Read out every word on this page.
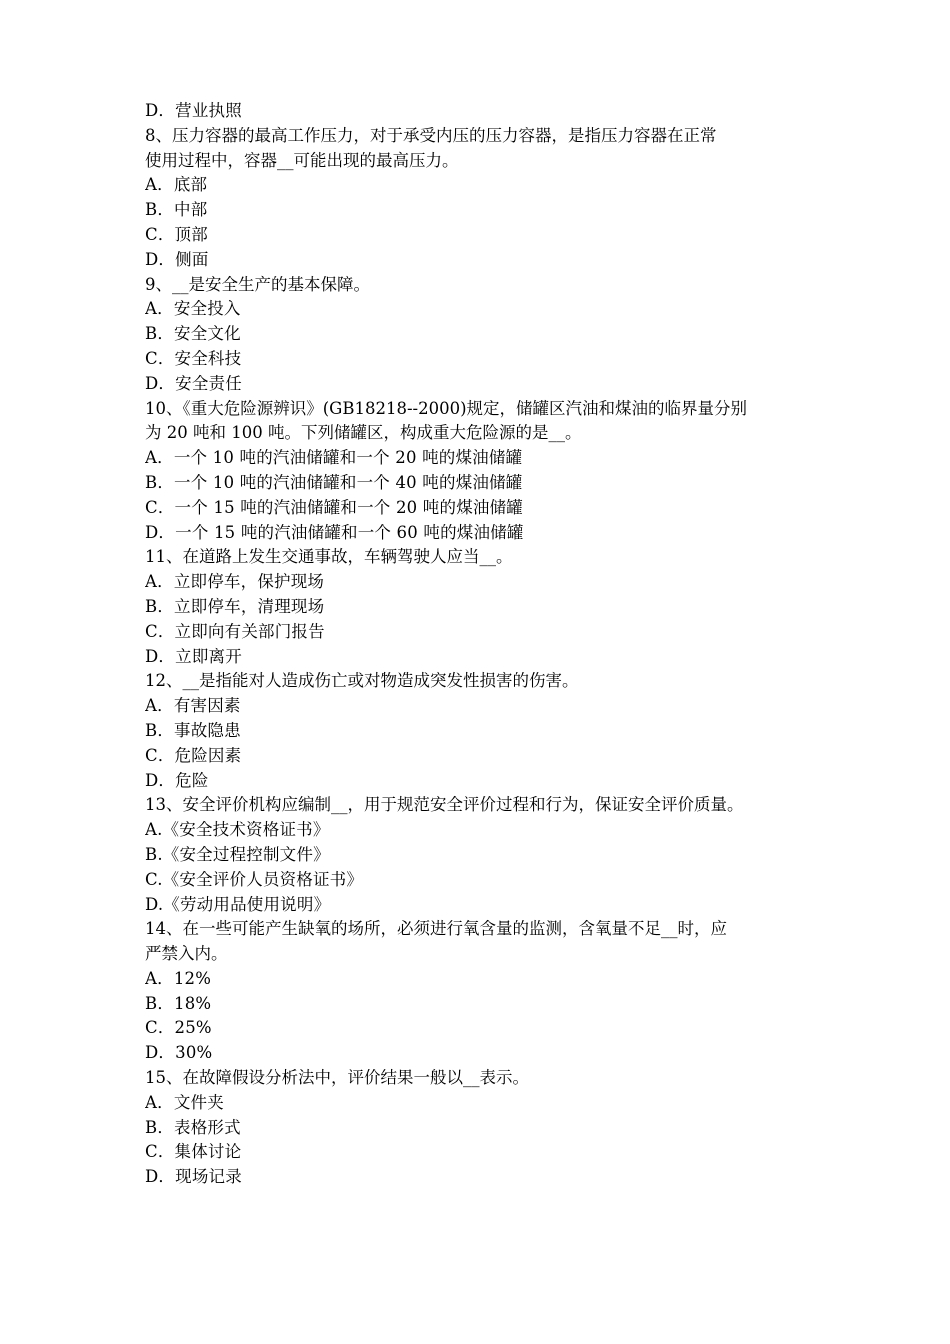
D．营业执照
8、压力容器的最高工作压力，对于承受内压的压力容器，是指压力容器在正常
使用过程中，容器__可能出现的最高压力。
A．底部
B．中部
C．顶部
D．侧面
9、__是安全生产的基本保障。
A．安全投入
B．安全文化
C．安全科技
D．安全责任
10、《重大危险源辨识》(GB18218--2000)规定，储罐区汽油和煤油的临界量分别
为 20 吨和 100 吨。下列储罐区，构成重大危险源的是__。
A．一个 10 吨的汽油储罐和一个 20 吨的煤油储罐
B．一个 10 吨的汽油储罐和一个 40 吨的煤油储罐
C．一个 15 吨的汽油储罐和一个 20 吨的煤油储罐
D．一个 15 吨的汽油储罐和一个 60 吨的煤油储罐
11、在道路上发生交通事故，车辆驾驶人应当__。
A．立即停车，保护现场
B．立即停车，清理现场
C．立即向有关部门报告
D．立即离开
12、__是指能对人造成伤亡或对物造成突发性损害的伤害。
A．有害因素
B．事故隐患
C．危险因素
D．危险
13、安全评价机构应编制__，用于规范安全评价过程和行为，保证安全评价质量。
A.《安全技术资格证书》
B.《安全过程控制文件》
C.《安全评价人员资格证书》
D.《劳动用品使用说明》
14、在一些可能产生缺氧的场所，必须进行氧含量的监测，含氧量不足__时，应
严禁入内。
A．12%
B．18%
C．25%
D．30%
15、在故障假设分析法中，评价结果一般以__表示。
A．文件夹
B．表格形式
C．集体讨论
D．现场记录
